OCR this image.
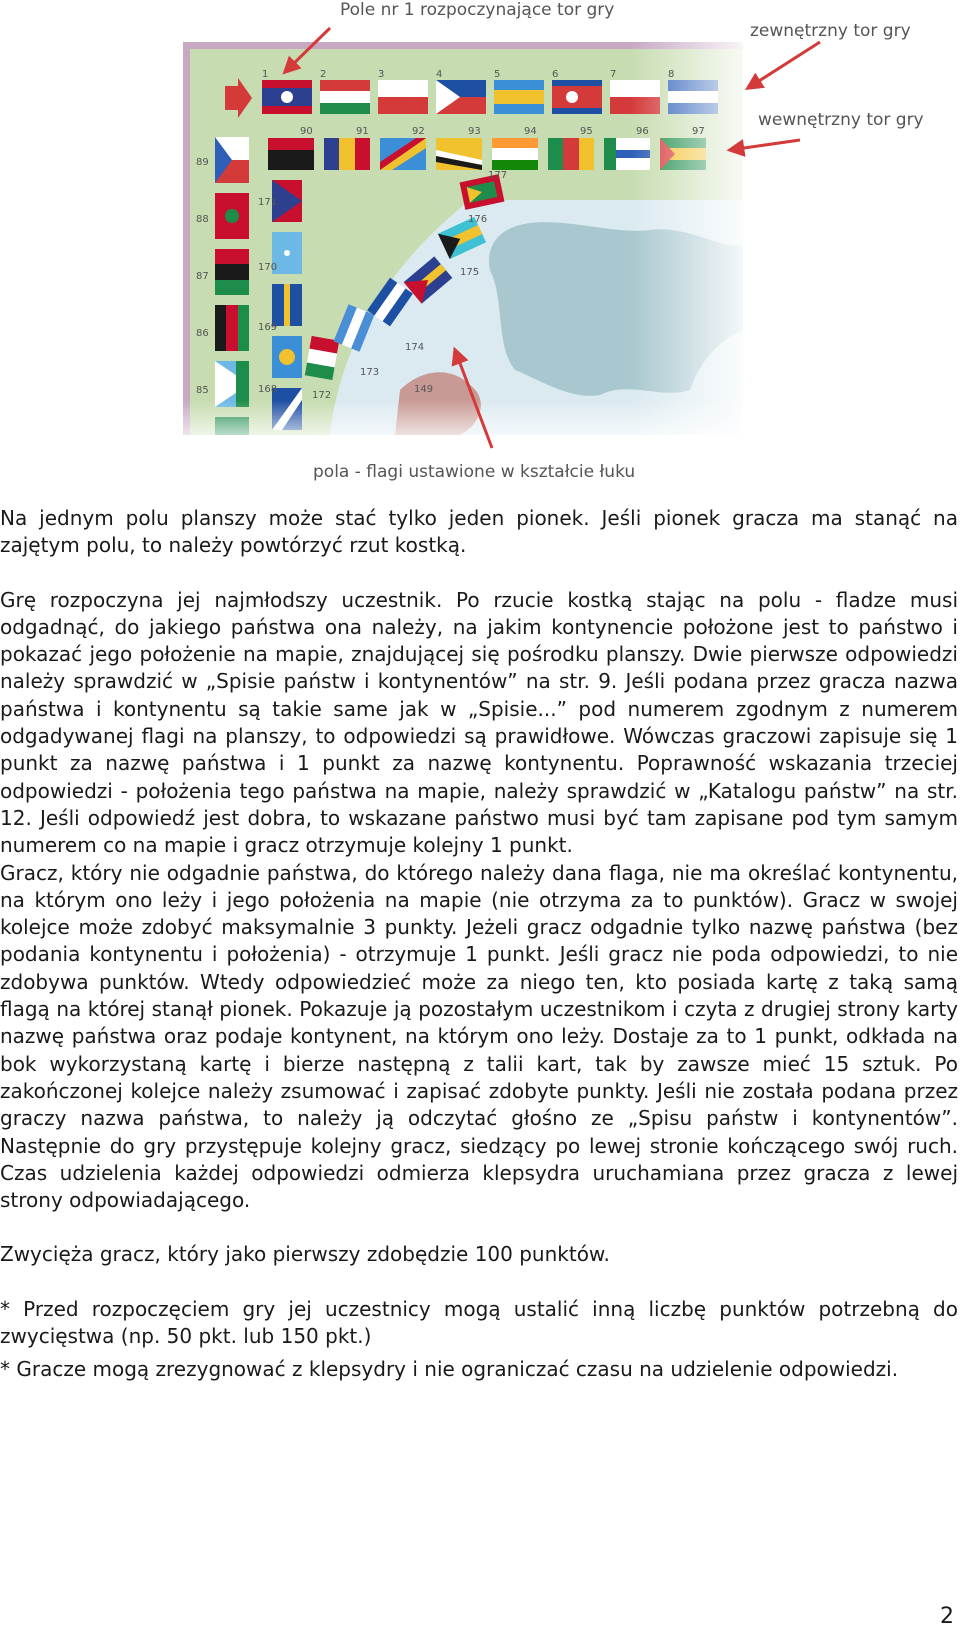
1	2	3	4	5	6	7	8
90	91	92	93	94	95	96	97
89
88
87
86
85
171
170
169
168
172
173
174
175
176
177
149
Pole nr 1 rozpoczynające tor gry
zewnętrzny tor gry
wewnętrzny tor gry
pola - flagi ustawione w kształcie łuku

Na jednym polu planszy może stać tylko jeden pionek. Jeśli pionek gracza ma stanąć na zajętym polu, to należy powtórzyć rzut kostką.

Grę rozpoczyna jej najmłodszy uczestnik. Po rzucie kostką stając na polu - fladze musi odgadnąć, do jakiego państwa ona należy, na jakim kontynencie położone jest to państwo i pokazać jego położenie na mapie, znajdującej się pośrodku planszy. Dwie pierwsze odpowiedzi należy sprawdzić w „Spisie państw i kontynentów” na str. 9. Jeśli podana przez gracza nazwa państwa i kontynentu są takie same jak w „Spisie...” pod numerem zgodnym z numerem odgadywanej flagi na planszy, to odpowiedzi są prawidłowe. Wówczas graczowi zapisuje się 1 punkt za nazwę państwa i 1 punkt za nazwę kontynentu. Poprawność wskazania trzeciej odpowiedzi - położenia tego państwa na mapie, należy sprawdzić w „Katalogu państw” na str. 12. Jeśli odpowiedź jest dobra, to wskazane państwo musi być tam zapisane pod tym samym numerem co na mapie i gracz otrzymuje kolejny 1 punkt.

Gracz, który nie odgadnie państwa, do którego należy dana flaga, nie ma określać kontynentu, na którym ono leży i jego położenia na mapie (nie otrzyma za to punktów). Gracz w swojej kolejce może zdobyć maksymalnie 3 punkty. Jeżeli gracz odgadnie tylko nazwę państwa (bez podania kontynentu i położenia) - otrzymuje 1 punkt. Jeśli gracz nie poda odpowiedzi, to nie zdobywa punktów. Wtedy odpowiedzieć może za niego ten, kto posiada kartę z taką samą flagą na której stanął pionek. Pokazuje ją pozostałym uczestnikom i czyta z drugiej strony karty nazwę państwa oraz podaje kontynent, na którym ono leży. Dostaje za to 1 punkt, odkłada na bok wykorzystaną kartę i bierze następną z talii kart, tak by zawsze mieć 15 sztuk. Po zakończonej kolejce należy zsumować i zapisać zdobyte punkty. Jeśli nie została podana przez graczy nazwa państwa, to należy ją odczytać głośno ze „Spisu państw i kontynentów”. Następnie do gry przystępuje kolejny gracz, siedzący po lewej stronie kończącego swój ruch. Czas udzielenia każdej odpowiedzi odmierza klepsydra uruchamiana przez gracza z lewej strony odpowiadającego.

Zwycięża gracz, który jako pierwszy zdobędzie 100 punktów.

* Przed rozpoczęciem gry jej uczestnicy mogą ustalić inną liczbę punktów potrzebną do zwycięstwa (np. 50 pkt. lub 150 pkt.)

* Gracze mogą zrezygnować z klepsydry i nie ograniczać czasu na udzielenie odpowiedzi.

2
